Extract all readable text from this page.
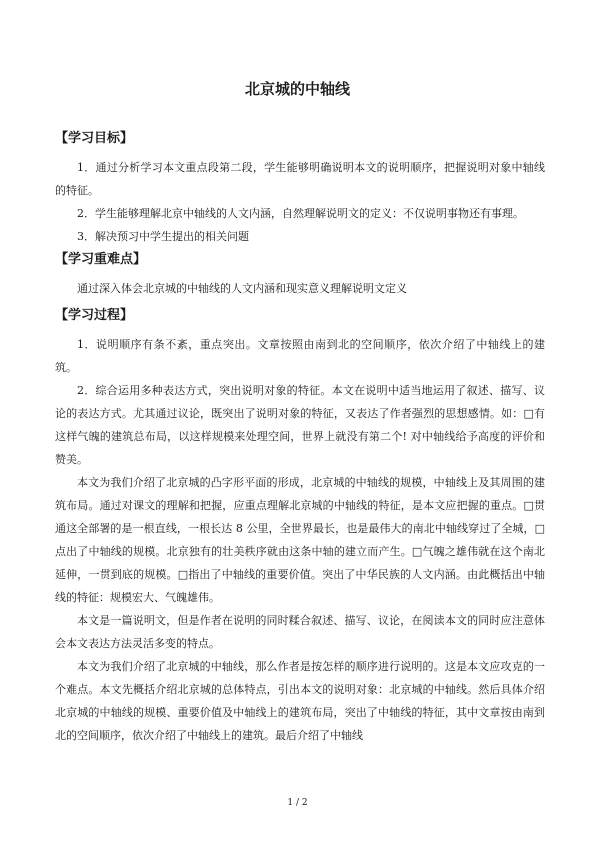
北京城的中轴线
【学习目标】

1．通过分析学习本文重点段第二段，学生能够明确说明本文的说明顺序，把握说明对象中轴线的特征。

2．学生能够理解北京中轴线的人文内涵，自然理解说明文的定义：不仅说明事物还有事理。

3．解决预习中学生提出的相关问题

【学习重难点】

通过深入体会北京城的中轴线的人文内涵和现实意义理解说明文定义

【学习过程】

1．说明顺序有条不紊，重点突出。文章按照由南到北的空间顺序，依次介绍了中轴线上的建筑。

2．综合运用多种表达方式，突出说明对象的特征。本文在说明中适当地运用了叙述、描写、议论的表达方式。尤其通过议论，既突出了说明对象的特征，又表达了作者强烈的思想感情。如：□有这样气魄的建筑总布局，以这样规模来处理空间，世界上就没有第二个! 对中轴线给予高度的评价和赞美。

本文为我们介绍了北京城的凸字形平面的形成，北京城的中轴线的规模，中轴线上及其周围的建筑布局。通过对课文的理解和把握，应重点理解北京城的中轴线的特征，是本文应把握的重点。□贯通这全部署的是一根直线，一根长达 8 公里，全世界最长，也是最伟大的南北中轴线穿过了全城，□点出了中轴线的规模。北京独有的壮美秩序就由这条中轴的建立而产生。□气魄之雄伟就在这个南北延伸，一贯到底的规模。□指出了中轴线的重要价值。突出了中华民族的人文内涵。由此概括出中轴线的特征：规模宏大、气魄雄伟。

本文是一篇说明文，但是作者在说明的同时糅合叙述、描写、议论，在阅读本文的同时应注意体会本文表达方法灵活多变的特点。

本文为我们介绍了北京城的中轴线，那么作者是按怎样的顺序进行说明的。这是本文应攻克的一个难点。本文先概括介绍北京城的总体特点，引出本文的说明对象：北京城的中轴线。然后具体介绍北京城的中轴线的规模、重要价值及中轴线上的建筑布局，突出了中轴线的特征，其中文章按由南到北的空间顺序，依次介绍了中轴线上的建筑。最后介绍了中轴线

1 / 2
